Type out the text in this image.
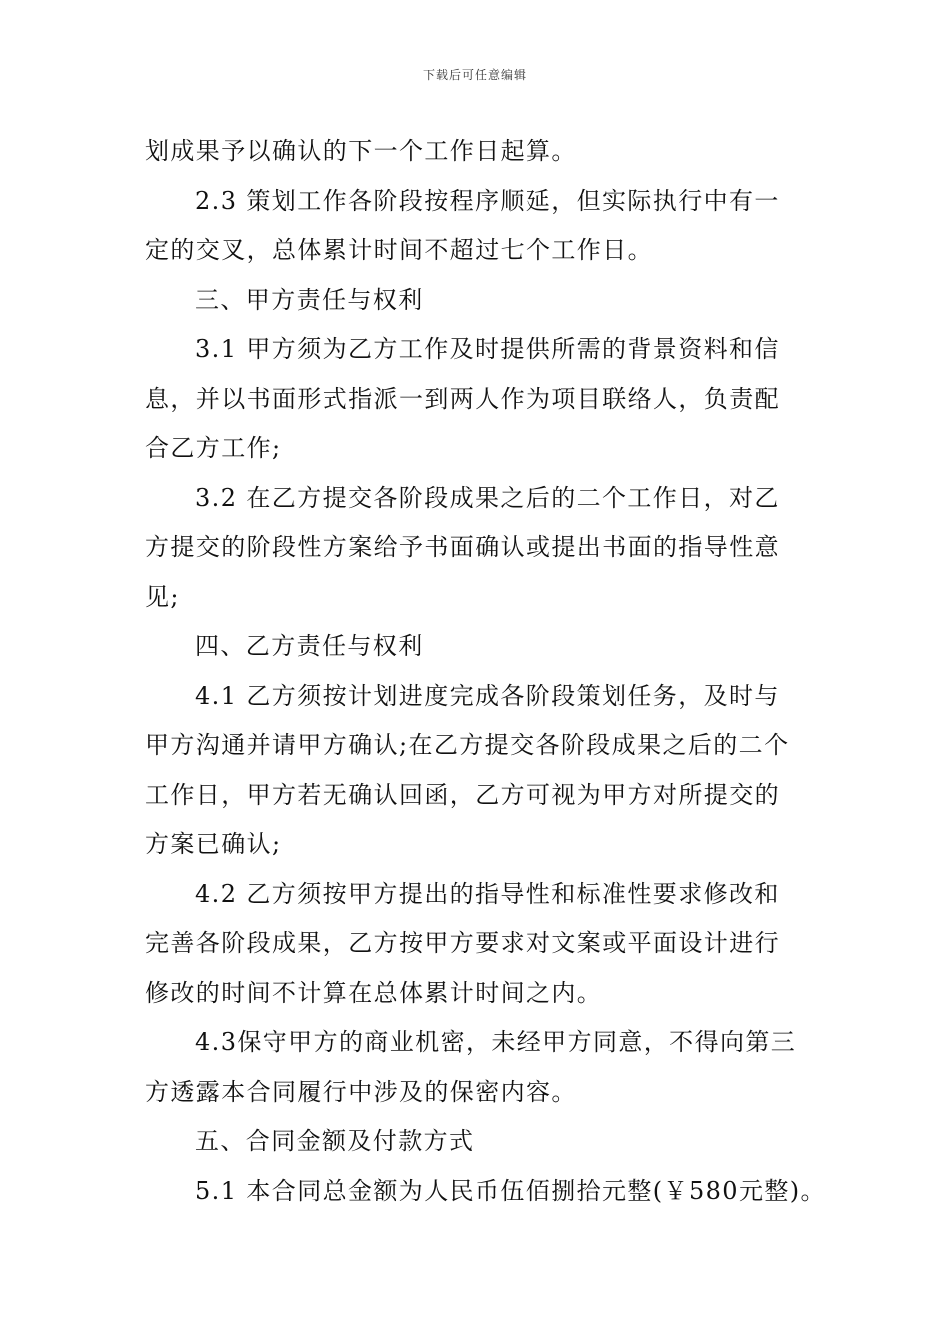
下载后可任意编辑

划成果予以确认的下一个工作日起算。

2.3 策划工作各阶段按程序顺延，但实际执行中有一

定的交叉，总体累计时间不超过七个工作日。

三、甲方责任与权利

3.1 甲方须为乙方工作及时提供所需的背景资料和信

息，并以书面形式指派一到两人作为项目联络人，负责配

合乙方工作;

3.2 在乙方提交各阶段成果之后的二个工作日，对乙

方提交的阶段性方案给予书面确认或提出书面的指导性意

见;

四、乙方责任与权利

4.1 乙方须按计划进度完成各阶段策划任务，及时与

甲方沟通并请甲方确认;在乙方提交各阶段成果之后的二个

工作日，甲方若无确认回函，乙方可视为甲方对所提交的

方案已确认;

4.2 乙方须按甲方提出的指导性和标准性要求修改和

完善各阶段成果，乙方按甲方要求对文案或平面设计进行

修改的时间不计算在总体累计时间之内。

4.3保守甲方的商业机密，未经甲方同意，不得向第三

方透露本合同履行中涉及的保密内容。

五、合同金额及付款方式

5.1 本合同总金额为人民币伍佰捌拾元整(￥580元整)。
